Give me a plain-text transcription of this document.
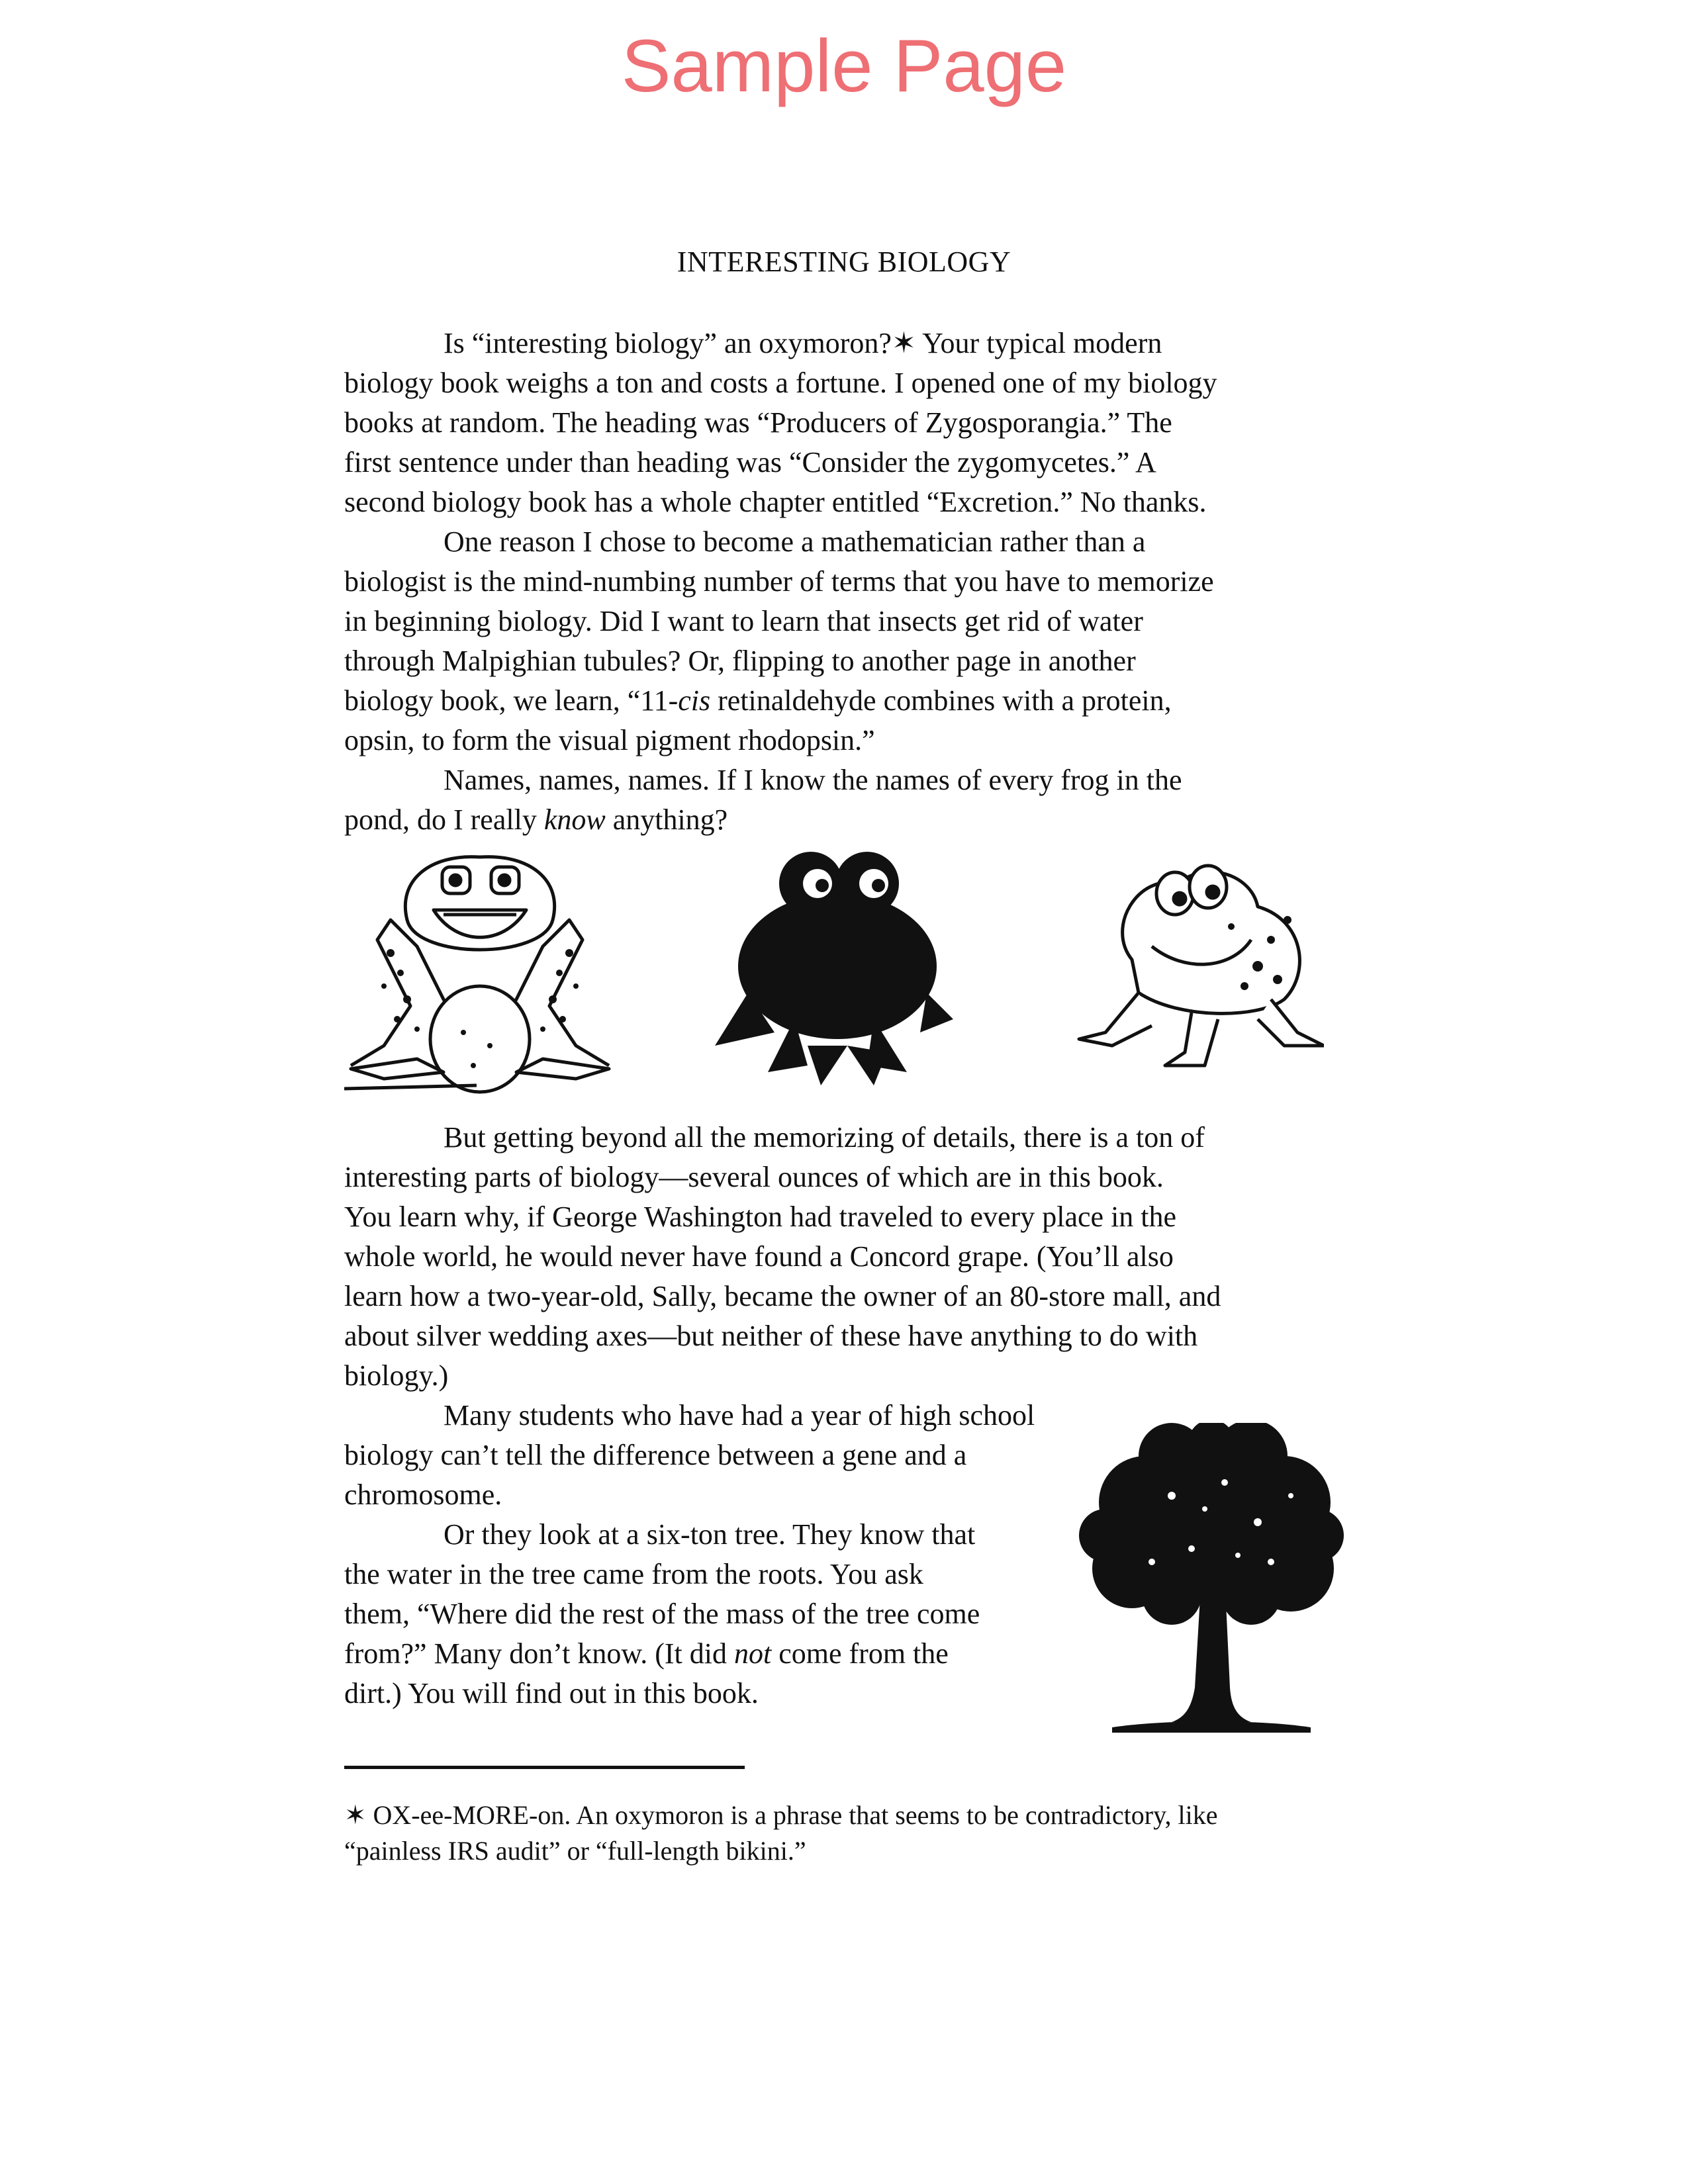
Sample Page
INTERESTING BIOLOGY
Is “interesting biology” an oxymoron?✶ Your typical modern
biology book weighs a ton and costs a fortune. I opened one of my biology
books at random. The heading was “Producers of Zygosporangia.” The
first sentence under than heading was “Consider the zygomycetes.” A
second biology book has a whole chapter entitled “Excretion.” No thanks.
One reason I chose to become a mathematician rather than a
biologist is the mind-numbing number of terms that you have to memorize
in beginning biology. Did I want to learn that insects get rid of water
through Malpighian tubules? Or, flipping to another page in another
biology book, we learn, “11-cis retinaldehyde combines with a protein,
opsin, to form the visual pigment rhodopsin.”
Names, names, names. If I know the names of every frog in the
pond, do I really know anything?
But getting beyond all the memorizing of details, there is a ton of
interesting parts of biology—several ounces of which are in this book.
You learn why, if George Washington had traveled to every place in the
whole world, he would never have found a Concord grape. (You’ll also
learn how a two-year-old, Sally, became the owner of an 80-store mall, and
about silver wedding axes—but neither of these have anything to do with
biology.)
Many students who have had a year of high school
biology can’t tell the difference between a gene and a
chromosome.
Or they look at a six-ton tree. They know that
the water in the tree came from the roots. You ask
them, “Where did the rest of the mass of the tree come
from?” Many don’t know. (It did not come from the
dirt.) You will find out in this book.
✶ OX-ee-MORE-on. An oxymoron is a phrase that seems to be contradictory, like
“painless IRS audit” or “full-length bikini.”
